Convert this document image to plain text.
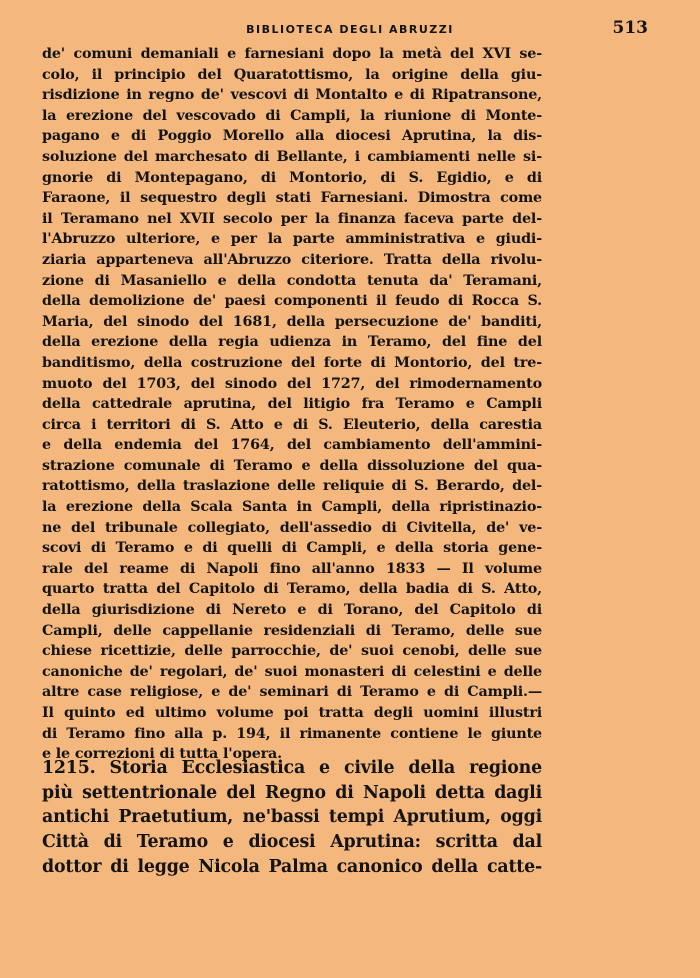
BIBLIOTECA DEGLI ABRUZZI	513
de' comuni demaniali e farnesiani dopo la metà del XVI se-
colo, il principio del Quaratottismo, la origine della giu-
risdizione in regno de' vescovi di Montalto e di Ripatransone,
la erezione del vescovado di Campli, la riunione di Monte-
pagano e di Poggio Morello alla diocesi Aprutina, la dis-
soluzione del marchesato di Bellante, i cambiamenti nelle si-
gnorie di Montepagano, di Montorio, di S. Egidio, e di
Faraone, il sequestro degli stati Farnesiani. Dimostra come
il Teramano nel XVII secolo per la finanza faceva parte del-
l'Abruzzo ulteriore, e per la parte amministrativa e giudi-
ziaria apparteneva all'Abruzzo citeriore. Tratta della rivolu-
zione di Masaniello e della condotta tenuta da' Teramani,
della demolizione de' paesi componenti il feudo di Rocca S.
Maria, del sinodo del 1681, della persecuzione de' banditi,
della erezione della regia udienza in Teramo, del fine del
banditismo, della costruzione del forte di Montorio, del tre-
muoto del 1703, del sinodo del 1727, del rimodernamento
della cattedrale aprutina, del litigio fra Teramo e Campli
circa i territori di S. Atto e di S. Eleuterio, della carestia
e della endemia del 1764, del cambiamento dell'ammini-
strazione comunale di Teramo e della dissoluzione del qua-
ratottismo, della traslazione delle reliquie di S. Berardo, del-
la erezione della Scala Santa in Campli, della ripristinazio-
ne del tribunale collegiato, dell'assedio di Civitella, de' ve-
scovi di Teramo e di quelli di Campli, e della storia gene-
rale del reame di Napoli fino all'anno 1833 — Il volume
quarto tratta del Capitolo di Teramo, della badia di S. Atto,
della giurisdizione di Nereto e di Torano, del Capitolo di
Campli, delle cappellanie residenziali di Teramo, delle sue
chiese ricettizie, delle parrocchie, de' suoi cenobi, delle sue
canoniche de' regolari, de' suoi monasteri di celestini e delle
altre case religiose, e de' seminari di Teramo e di Campli.—
Il quinto ed ultimo volume poi tratta degli uomini illustri
di Teramo fino alla p. 194, il rimanente contiene le giunte
e le correzioni di tutta l'opera.
1215. Storia Ecclesiastica e civile della regione
più settentrionale del Regno di Napoli detta dagli
antichi Praetutium, ne'bassi tempi Aprutium, oggi
Città di Teramo e diocesi Aprutina: scritta dal
dottor di legge Nicola Palma canonico della catte-
